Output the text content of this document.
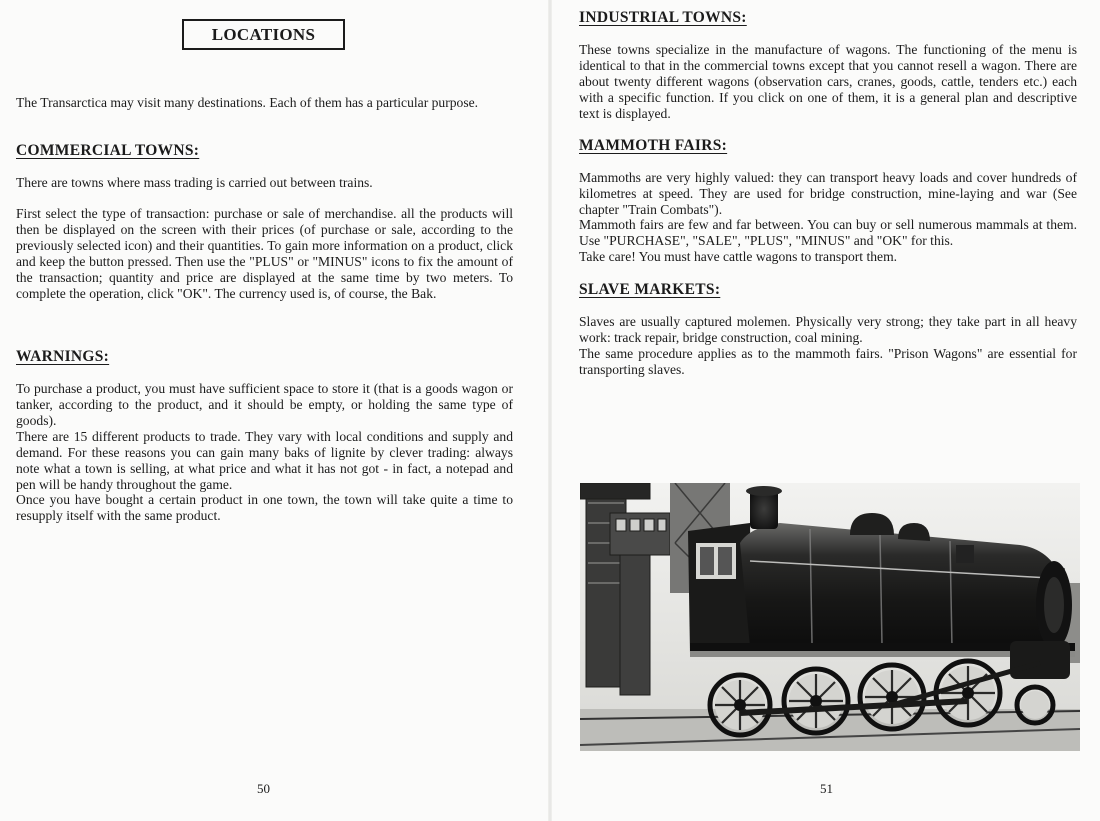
LOCATIONS

The Transarctica may visit many destinations. Each of them has a particular purpose.

COMMERCIAL TOWNS:

There are towns where mass trading is carried out between trains.

First select the type of transaction: purchase or sale of merchandise. all the products will then be displayed on the screen with their prices (of purchase or sale, according to the previously selected icon) and their quantities. To gain more information on a product, click and keep the button pressed. Then use the "PLUS" or "MINUS" icons to fix the amount of the transaction; quantity and price are displayed at the same time by two meters. To complete the operation, click "OK". The currency used is, of course, the Bak.

WARNINGS:

To purchase a product, you must have sufficient space to store it (that is a goods wagon or tanker, according to the product, and it should be empty, or holding the same type of goods).

There are 15 different products to trade. They vary with local conditions and supply and demand. For these reasons you can gain many baks of lignite by clever trading: always note what a town is selling, at what price and what it has not got - in fact, a notepad and pen will be handy throughout the game.

Once you have bought a certain product in one town, the town will take quite a time to resupply itself with the same product.

50
INDUSTRIAL TOWNS:

These towns specialize in the manufacture of wagons. The functioning of the menu is identical to that in the commercial towns except that you cannot resell a wagon. There are about twenty different wagons (observation cars, cranes, goods, cattle, tenders etc.) each with a specific function. If you click on one of them, it is a general plan and descriptive text is displayed.

MAMMOTH FAIRS:

Mammoths are very highly valued: they can transport heavy loads and cover hundreds of kilometres at speed. They are used for bridge construction, mine-laying and war (See chapter "Train Combats").

Mammoth fairs are few and far between. You can buy or sell numerous mammals at them. Use "PURCHASE", "SALE", "PLUS", "MINUS" and "OK" for this.

Take care! You must have cattle wagons to transport them.

SLAVE MARKETS:

Slaves are usually captured molemen. Physically very strong; they take part in all heavy work: track repair, bridge construction, coal mining.

The same procedure applies as to the mammoth fairs. "Prison Wagons" are essential for transporting slaves.

51
